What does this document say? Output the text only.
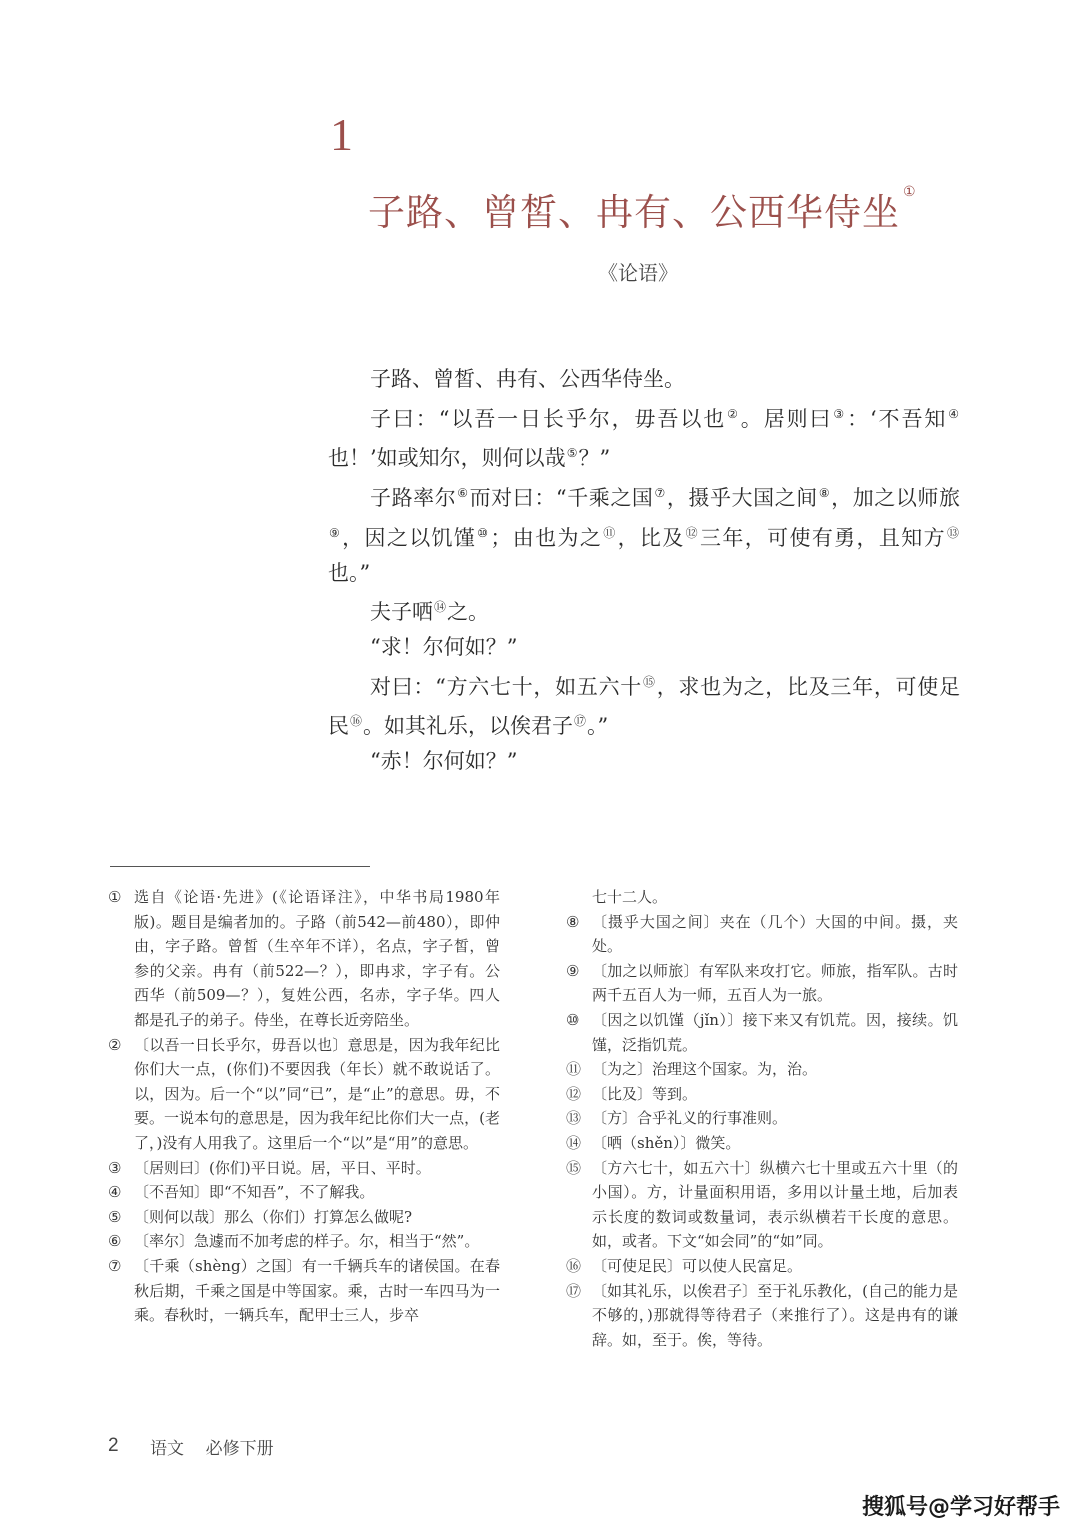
1
子路、曾皙、冉有、公西华侍坐 ①
《论语》

子路、曾皙、冉有、公西华侍坐。

子曰：“以吾一日长乎尔，毋吾以也②。居则曰③：‘不吾知④也！’如或知尔，则何以哉⑤？”

子路率尔⑥而对曰：“千乘之国⑦，摄乎大国之间⑧，加之以师旅⑨，因之以饥馑⑩；由也为之⑪，比及⑫三年，可使有勇，且知方⑬也。”

夫子哂⑭之。

“求！尔何如？”

对曰：“方六七十，如五六十⑮，求也为之，比及三年，可使足民⑯。如其礼乐，以俟君子⑰。”

“赤！尔何如？”

① 选自《论语·先进》(《论语译注》，中华书局1980年版)。题目是编者加的。子路（前542—前480），即仲由，字子路。曾皙（生卒年不详），名点，字子皙，曾参的父亲。冉有（前522—？），即冉求，字子有。公西华（前509—？），复姓公西，名赤，字子华。四人都是孔子的弟子。侍坐，在尊长近旁陪坐。

② 〔以吾一日长乎尔，毋吾以也〕意思是，因为我年纪比你们大一点，(你们)不要因我（年长）就不敢说话了。以，因为。后一个“以”同“已”，是“止”的意思。毋，不要。一说本句的意思是，因为我年纪比你们大一点，(老了，)没有人用我了。这里后一个“以”是“用”的意思。

③ 〔居则曰〕(你们)平日说。居，平日、平时。

④ 〔不吾知〕即“不知吾”，不了解我。

⑤ 〔则何以哉〕那么（你们）打算怎么做呢?

⑥ 〔率尔〕急遽而不加考虑的样子。尔，相当于“然”。

⑦ 〔千乘（shèng）之国〕有一千辆兵车的诸侯国。在春秋后期，千乘之国是中等国家。乘，古时一车四马为一乘。春秋时，一辆兵车，配甲士三人，步卒

七十二人。

⑧ 〔摄乎大国之间〕夹在（几个）大国的中间。摄，夹处。

⑨ 〔加之以师旅〕有军队来攻打它。师旅，指军队。古时两千五百人为一师，五百人为一旅。

⑩ 〔因之以饥馑（jǐn）〕接下来又有饥荒。因，接续。饥馑，泛指饥荒。

⑪ 〔为之〕治理这个国家。为，治。

⑫ 〔比及〕等到。

⑬ 〔方〕合乎礼义的行事准则。

⑭ 〔哂（shěn）〕微笑。

⑮ 〔方六七十，如五六十〕纵横六七十里或五六十里（的小国）。方，计量面积用语，多用以计量土地，后加表示长度的数词或数量词，表示纵横若干长度的意思。如，或者。下文“如会同”的“如”同。

⑯ 〔可使足民〕可以使人民富足。

⑰ 〔如其礼乐，以俟君子〕至于礼乐教化，(自己的能力是不够的，)那就得等待君子（来推行了）。这是冉有的谦辞。如，至于。俟，等待。

2 语文    必修下册
搜狐号@学习好帮手
